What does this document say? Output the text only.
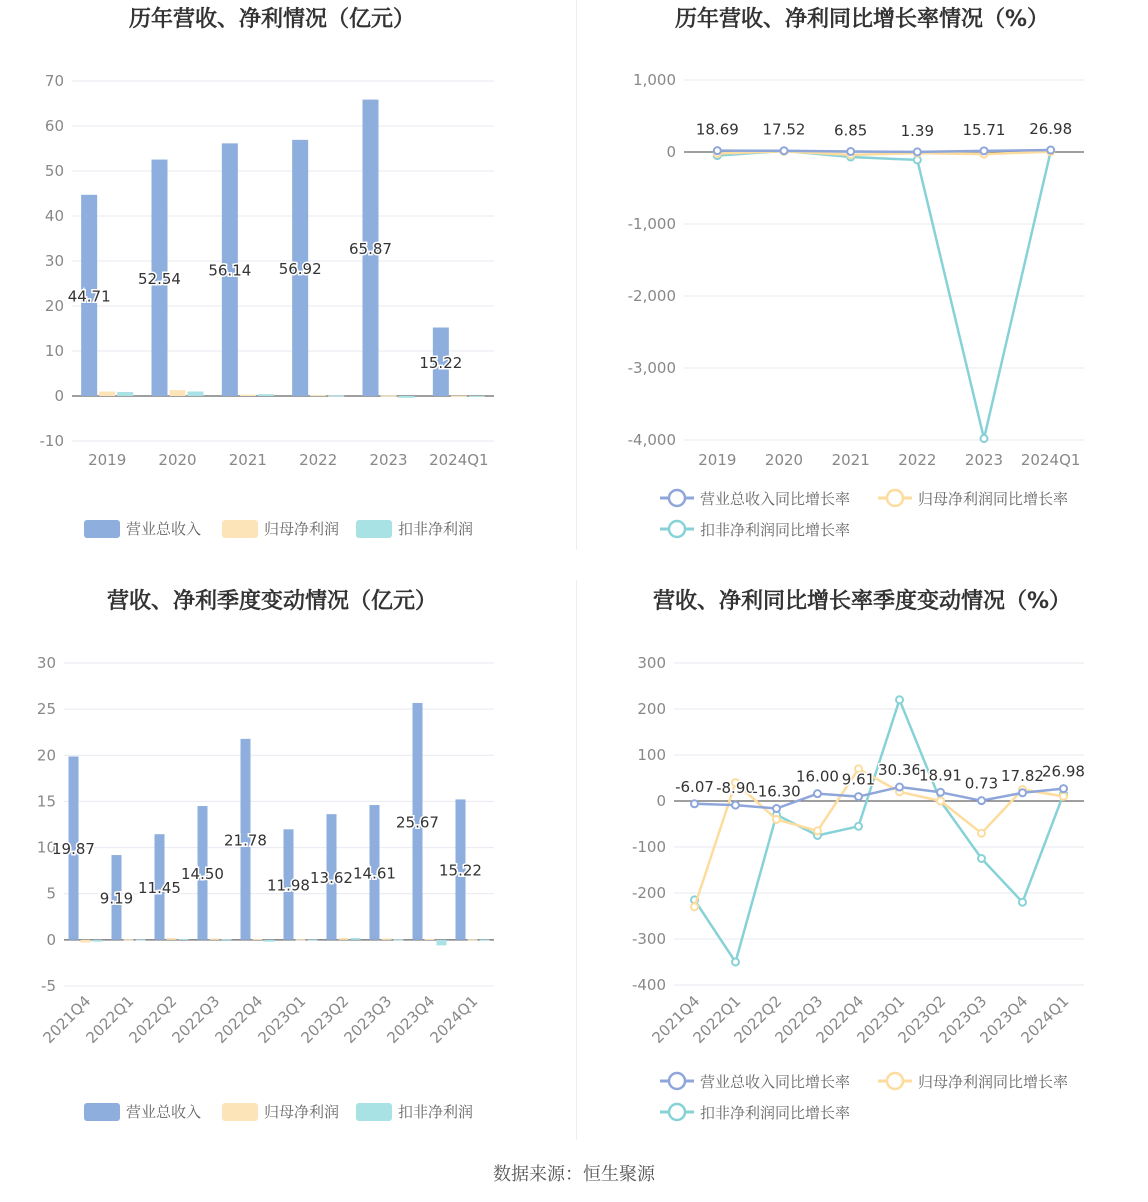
历年营收、净利情况（亿元）
70
60
50
40
30
20
10
0
-10
44.71
52.54 56.14 56.92
65.87
15.22
2019 2020 2021 2022 2023 2024Q1
营业总收入	归母净利润	扣非净利润
历年营收、净利同比增长率情况（%）
1,000
0
-1,000
-2,000
-3,000
-4,000
18.69 17.52 6.85 1.39 15.71 26.98
2019 2020 2021 2022 2023 2024Q1
营业总收入同比增长率	归母净利润同比增长率
扣非净利润同比增长率
营收、净利季度变动情况（亿元）
30
25
20
15
10
5
0
-5
19.87
9.19
11.45
14.50
21.78
11.98 13.62 14.61
25.67
15.22
2021Q4
2022Q1
2022Q2
2022Q3
2022Q4
2023Q1
2023Q2
2023Q3
2023Q4
2024Q1
营业总收入	归母净利润	扣非净利润
营收、净利同比增长率季度变动情况（%）
300
200
100
0
-100
-200
-300
-400
-6.07 -8.90
-16.30
16.00 9.61
30.36
18.91 0.73 17.82
26.98
2021Q4
2022Q1
2022Q2
2022Q3
2022Q4
2023Q1
2023Q2
2023Q3
2023Q4
2024Q1
营业总收入同比增长率	归母净利润同比增长率
扣非净利润同比增长率
数据来源：恒生聚源
